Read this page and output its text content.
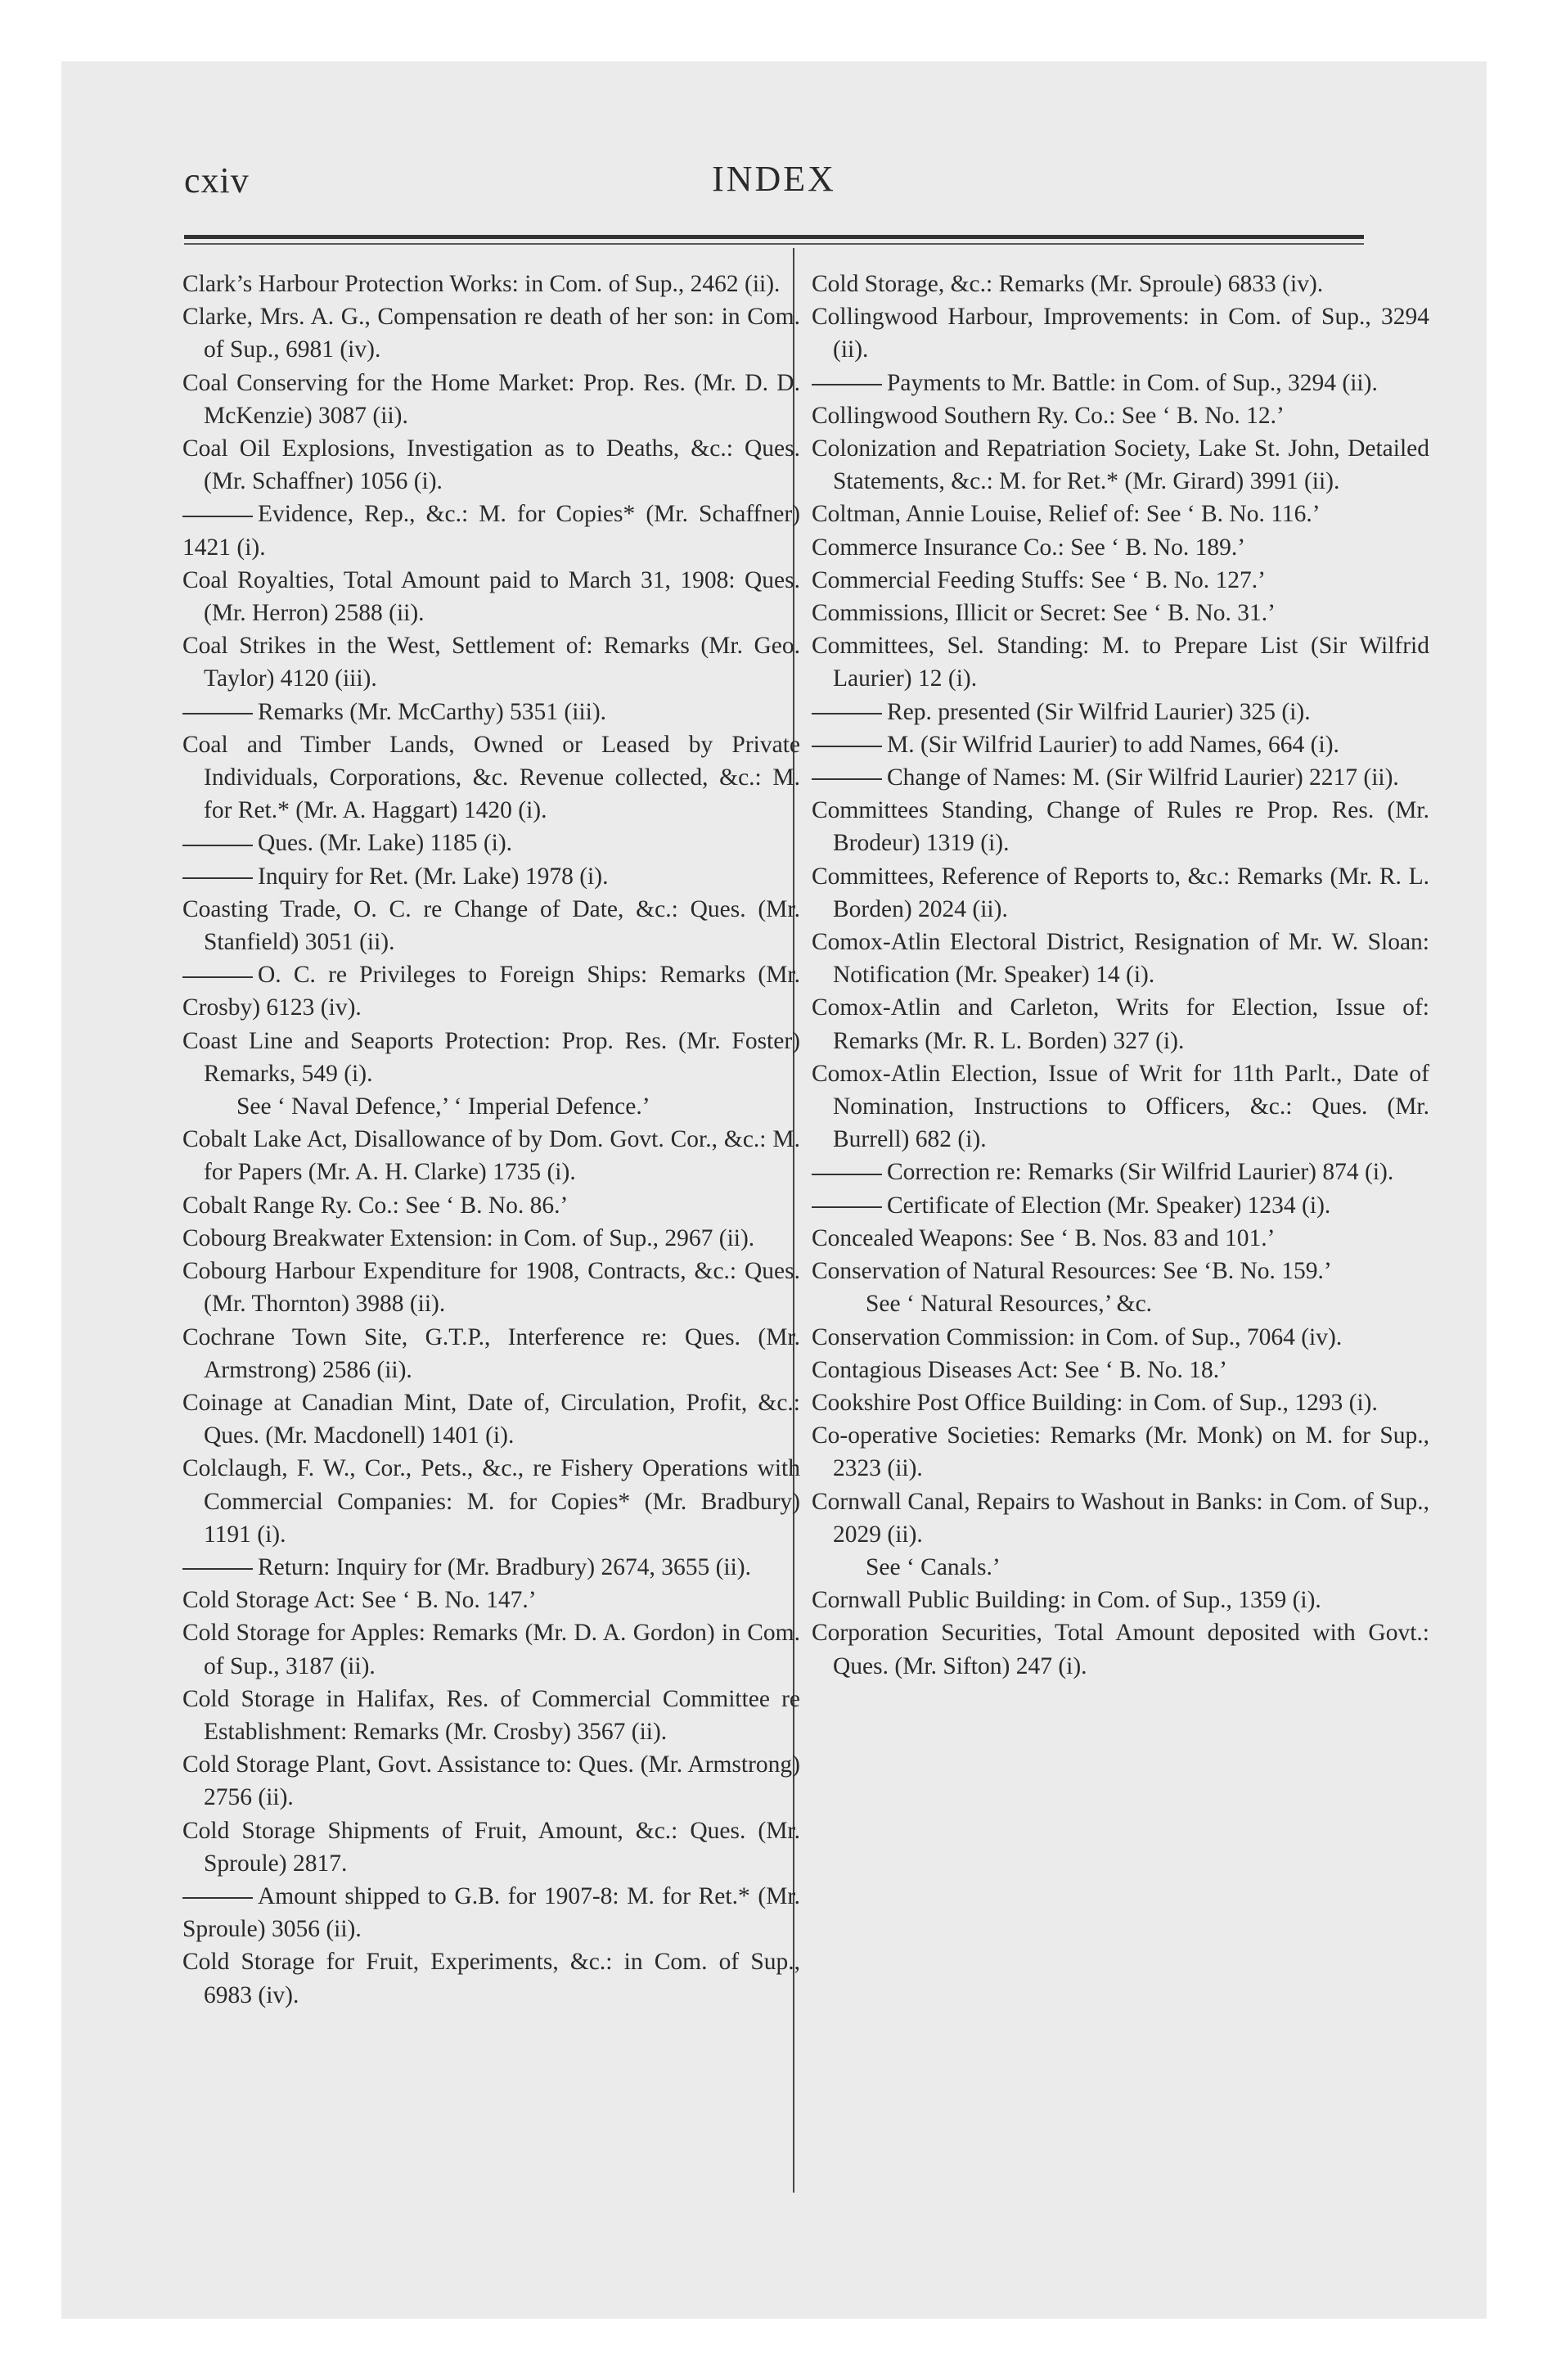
cxiv	INDEX

Clark’s Harbour Protection Works: in Com. of Sup., 2462 (ii).

Clarke, Mrs. A. G., Compensation re death of her son: in Com. of Sup., 6981 (iv).

Coal Conserving for the Home Market: Prop. Res. (Mr. D. D. McKenzie) 3087 (ii).

Coal Oil Explosions, Investigation as to Deaths, &c.: Ques. (Mr. Schaffner) 1056 (i).

Evidence, Rep., &c.: M. for Copies* (Mr. Schaffner) 1421 (i).

Coal Royalties, Total Amount paid to March 31, 1908: Ques. (Mr. Herron) 2588 (ii).

Coal Strikes in the West, Settlement of: Remarks (Mr. Geo. Taylor) 4120 (iii).

Remarks (Mr. McCarthy) 5351 (iii).

Coal and Timber Lands, Owned or Leased by Private Individuals, Corporations, &c. Revenue collected, &c.: M. for Ret.* (Mr. A. Haggart) 1420 (i).

Ques. (Mr. Lake) 1185 (i).

Inquiry for Ret. (Mr. Lake) 1978 (i).

Coasting Trade, O. C. re Change of Date, &c.: Ques. (Mr. Stanfield) 3051 (ii).

O. C. re Privileges to Foreign Ships: Remarks (Mr. Crosby) 6123 (iv).

Coast Line and Seaports Protection: Prop. Res. (Mr. Foster) Remarks, 549 (i).

See ‘ Naval Defence,’ ‘ Imperial Defence.’

Cobalt Lake Act, Disallowance of by Dom. Govt. Cor., &c.: M. for Papers (Mr. A. H. Clarke) 1735 (i).

Cobalt Range Ry. Co.: See ‘ B. No. 86.’

Cobourg Breakwater Extension: in Com. of Sup., 2967 (ii).

Cobourg Harbour Expenditure for 1908, Contracts, &c.: Ques. (Mr. Thornton) 3988 (ii).

Cochrane Town Site, G.T.P., Interference re: Ques. (Mr. Armstrong) 2586 (ii).

Coinage at Canadian Mint, Date of, Circulation, Profit, &c.: Ques. (Mr. Macdonell) 1401 (i).

Colclaugh, F. W., Cor., Pets., &c., re Fishery Operations with Commercial Companies: M. for Copies* (Mr. Bradbury) 1191 (i).

Return: Inquiry for (Mr. Bradbury) 2674, 3655 (ii).

Cold Storage Act: See ‘ B. No. 147.’

Cold Storage for Apples: Remarks (Mr. D. A. Gordon) in Com. of Sup., 3187 (ii).

Cold Storage in Halifax, Res. of Commercial Committee re Establishment: Remarks (Mr. Crosby) 3567 (ii).

Cold Storage Plant, Govt. Assistance to: Ques. (Mr. Armstrong) 2756 (ii).

Cold Storage Shipments of Fruit, Amount, &c.: Ques. (Mr. Sproule) 2817.

Amount shipped to G.B. for 1907-8: M. for Ret.* (Mr. Sproule) 3056 (ii).

Cold Storage for Fruit, Experiments, &c.: in Com. of Sup., 6983 (iv).

Cold Storage, &c.: Remarks (Mr. Sproule) 6833 (iv).

Collingwood Harbour, Improvements: in Com. of Sup., 3294 (ii).

Payments to Mr. Battle: in Com. of Sup., 3294 (ii).

Collingwood Southern Ry. Co.: See ‘ B. No. 12.’

Colonization and Repatriation Society, Lake St. John, Detailed Statements, &c.: M. for Ret.* (Mr. Girard) 3991 (ii).

Coltman, Annie Louise, Relief of: See ‘ B. No. 116.’

Commerce Insurance Co.: See ‘ B. No. 189.’

Commercial Feeding Stuffs: See ‘ B. No. 127.’

Commissions, Illicit or Secret: See ‘ B. No. 31.’

Committees, Sel. Standing: M. to Prepare List (Sir Wilfrid Laurier) 12 (i).

Rep. presented (Sir Wilfrid Laurier) 325 (i).

M. (Sir Wilfrid Laurier) to add Names, 664 (i).

Change of Names: M. (Sir Wilfrid Laurier) 2217 (ii).

Committees Standing, Change of Rules re Prop. Res. (Mr. Brodeur) 1319 (i).

Committees, Reference of Reports to, &c.: Remarks (Mr. R. L. Borden) 2024 (ii).

Comox-Atlin Electoral District, Resignation of Mr. W. Sloan: Notification (Mr. Speaker) 14 (i).

Comox-Atlin and Carleton, Writs for Election, Issue of: Remarks (Mr. R. L. Borden) 327 (i).

Comox-Atlin Election, Issue of Writ for 11th Parlt., Date of Nomination, Instructions to Officers, &c.: Ques. (Mr. Burrell) 682 (i).

Correction re: Remarks (Sir Wilfrid Laurier) 874 (i).

Certificate of Election (Mr. Speaker) 1234 (i).

Concealed Weapons: See ‘ B. Nos. 83 and 101.’

Conservation of Natural Resources: See ‘B. No. 159.’

See ‘ Natural Resources,’ &c.

Conservation Commission: in Com. of Sup., 7064 (iv).

Contagious Diseases Act: See ‘ B. No. 18.’

Cookshire Post Office Building: in Com. of Sup., 1293 (i).

Co-operative Societies: Remarks (Mr. Monk) on M. for Sup., 2323 (ii).

Cornwall Canal, Repairs to Washout in Banks: in Com. of Sup., 2029 (ii).

See ‘ Canals.’

Cornwall Public Building: in Com. of Sup., 1359 (i).

Corporation Securities, Total Amount deposited with Govt.: Ques. (Mr. Sifton) 247 (i).
